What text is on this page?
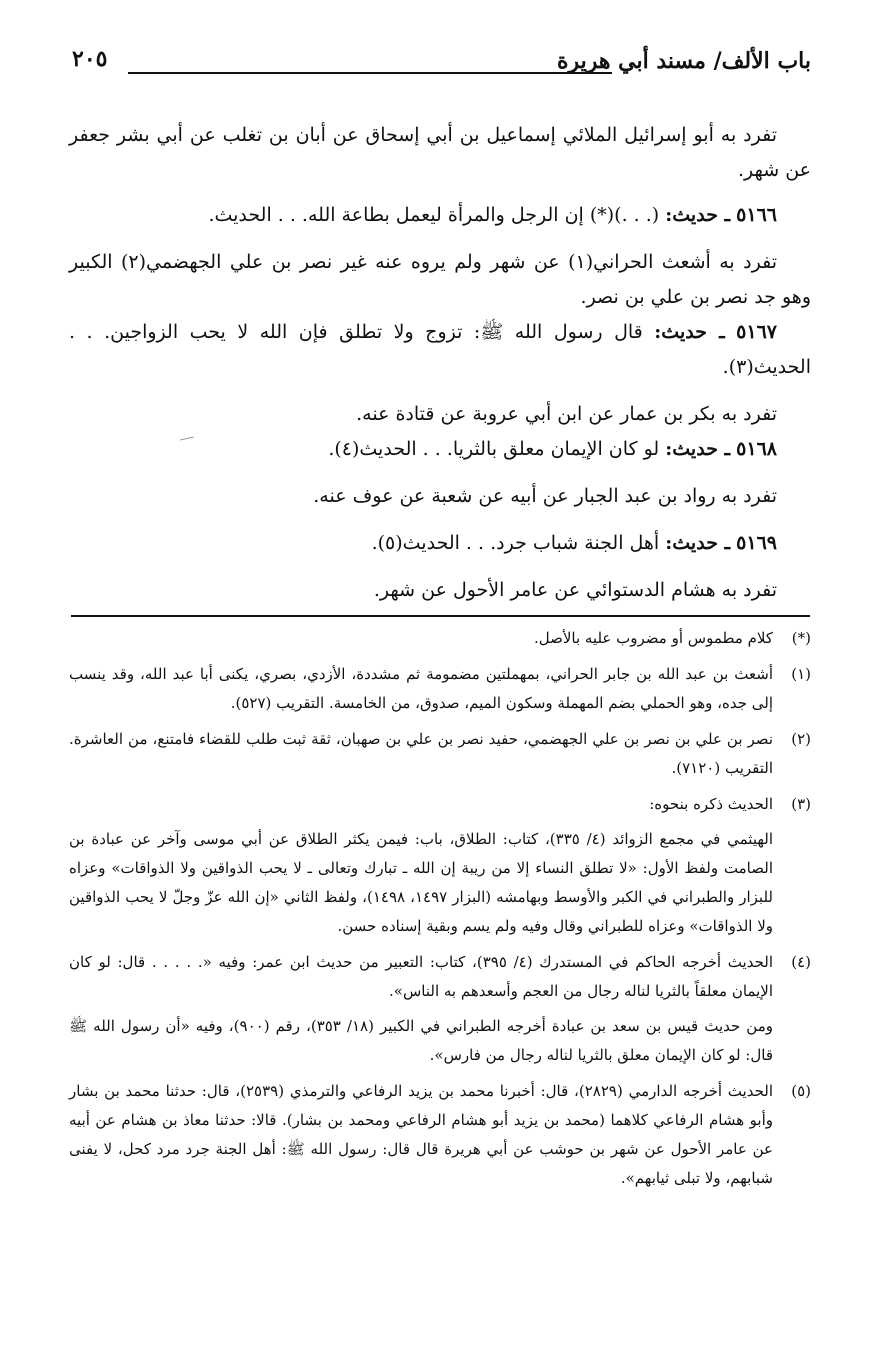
باب الألف/ مسند أبي هريرة
٢٠٥

تفرد به أبو إسرائيل الملائي إسماعيل بن أبي إسحاق عن أبان بن تغلب عن أبي بشر جعفر عن شهر.

٥١٦٦ ـ حديث: (. . .)(*) إن الرجل والمرأة ليعمل بطاعة الله. . . الحديث.

تفرد به أشعث الحراني(١) عن شهر ولم يروه عنه غير نصر بن علي الجهضمي(٢) الكبير وهو جد نصر بن علي بن نصر.

٥١٦٧ ـ حديث: قال رسول الله ﷺ: تزوج ولا تطلق فإن الله لا يحب الزواجين. . . الحديث(٣).

تفرد به بكر بن عمار عن ابن أبي عروبة عن قتادة عنه.

٥١٦٨ ـ حديث: لو كان الإيمان معلق بالثريا. . . الحديث(٤).

تفرد به رواد بن عبد الجبار عن أبيه عن شعبة عن عوف عنه.

٥١٦٩ ـ حديث: أهل الجنة شباب جرد. . . الحديث(٥).

تفرد به هشام الدستوائي عن عامر الأحول عن شهر.

(*)

كلام مطموس أو مضروب عليه بالأصل.

(١)

أشعث بن عبد الله بن جابر الحراني، بمهملتين مضمومة ثم مشددة، الأزدي، بصري، يكنى أبا عبد الله، وقد ينسب إلى جده، وهو الحملي بضم المهملة وسكون الميم، صدوق، من الخامسة. التقريب (٥٢٧).

(٢)

نصر بن علي بن نصر بن علي الجهضمي، حفيد نصر بن علي بن صهبان، ثقة ثبت طلب للقضاء فامتنع، من العاشرة. التقريب (٧١٢٠).

(٣)

الحديث ذكره بنحوه:

الهيثمي في مجمع الزوائد (٤/ ٣٣٥)، كتاب: الطلاق، باب: فيمن يكثر الطلاق عن أبي موسى وآخر عن عبادة بن الصامت ولفظ الأول: «لا تطلق النساء إلا من ريبة إن الله ـ تبارك وتعالى ـ لا يحب الذواقين ولا الذواقات» وعزاه للبزار والطبراني في الكبر والأوسط وبهامشه (البزار ١٤٩٧، ١٤٩٨)، ولفظ الثاني «إن الله عزّ وجلّ لا يحب الذواقين ولا الذواقات» وعزاه للطبراني وقال وفيه ولم يسم وبقية إسناده حسن.

(٤)

الحديث أخرجه الحاكم في المستدرك (٤/ ٣٩٥)، كتاب: التعبير من حديث ابن عمر: وفيه «. . . . . قال: لو كان الإيمان معلقاً بالثريا لناله رجال من العجم وأسعدهم به الناس».

ومن حديث قيس بن سعد بن عبادة أخرجه الطبراني في الكبير (١٨/ ٣٥٣)، رقم (٩٠٠)، وفيه «أن رسول الله ﷺ قال: لو كان الإيمان معلق بالثريا لناله رجال من فارس».

(٥)

الحديث أخرجه الدارمي (٢٨٢٩)، قال: أخبرنا محمد بن يزيد الرفاعي والترمذي (٢٥٣٩)، قال: حدثنا محمد بن بشار وأبو هشام الرفاعي كلاهما (محمد بن يزيد أبو هشام الرفاعي ومحمد بن بشار). قالا: حدثنا معاذ بن هشام عن أبيه عن عامر الأحول عن شهر بن حوشب عن أبي هريرة قال قال: رسول الله ﷺ: أهل الجنة جرد مرد كحل، لا يفنى شبابهم، ولا تبلى ثيابهم».
